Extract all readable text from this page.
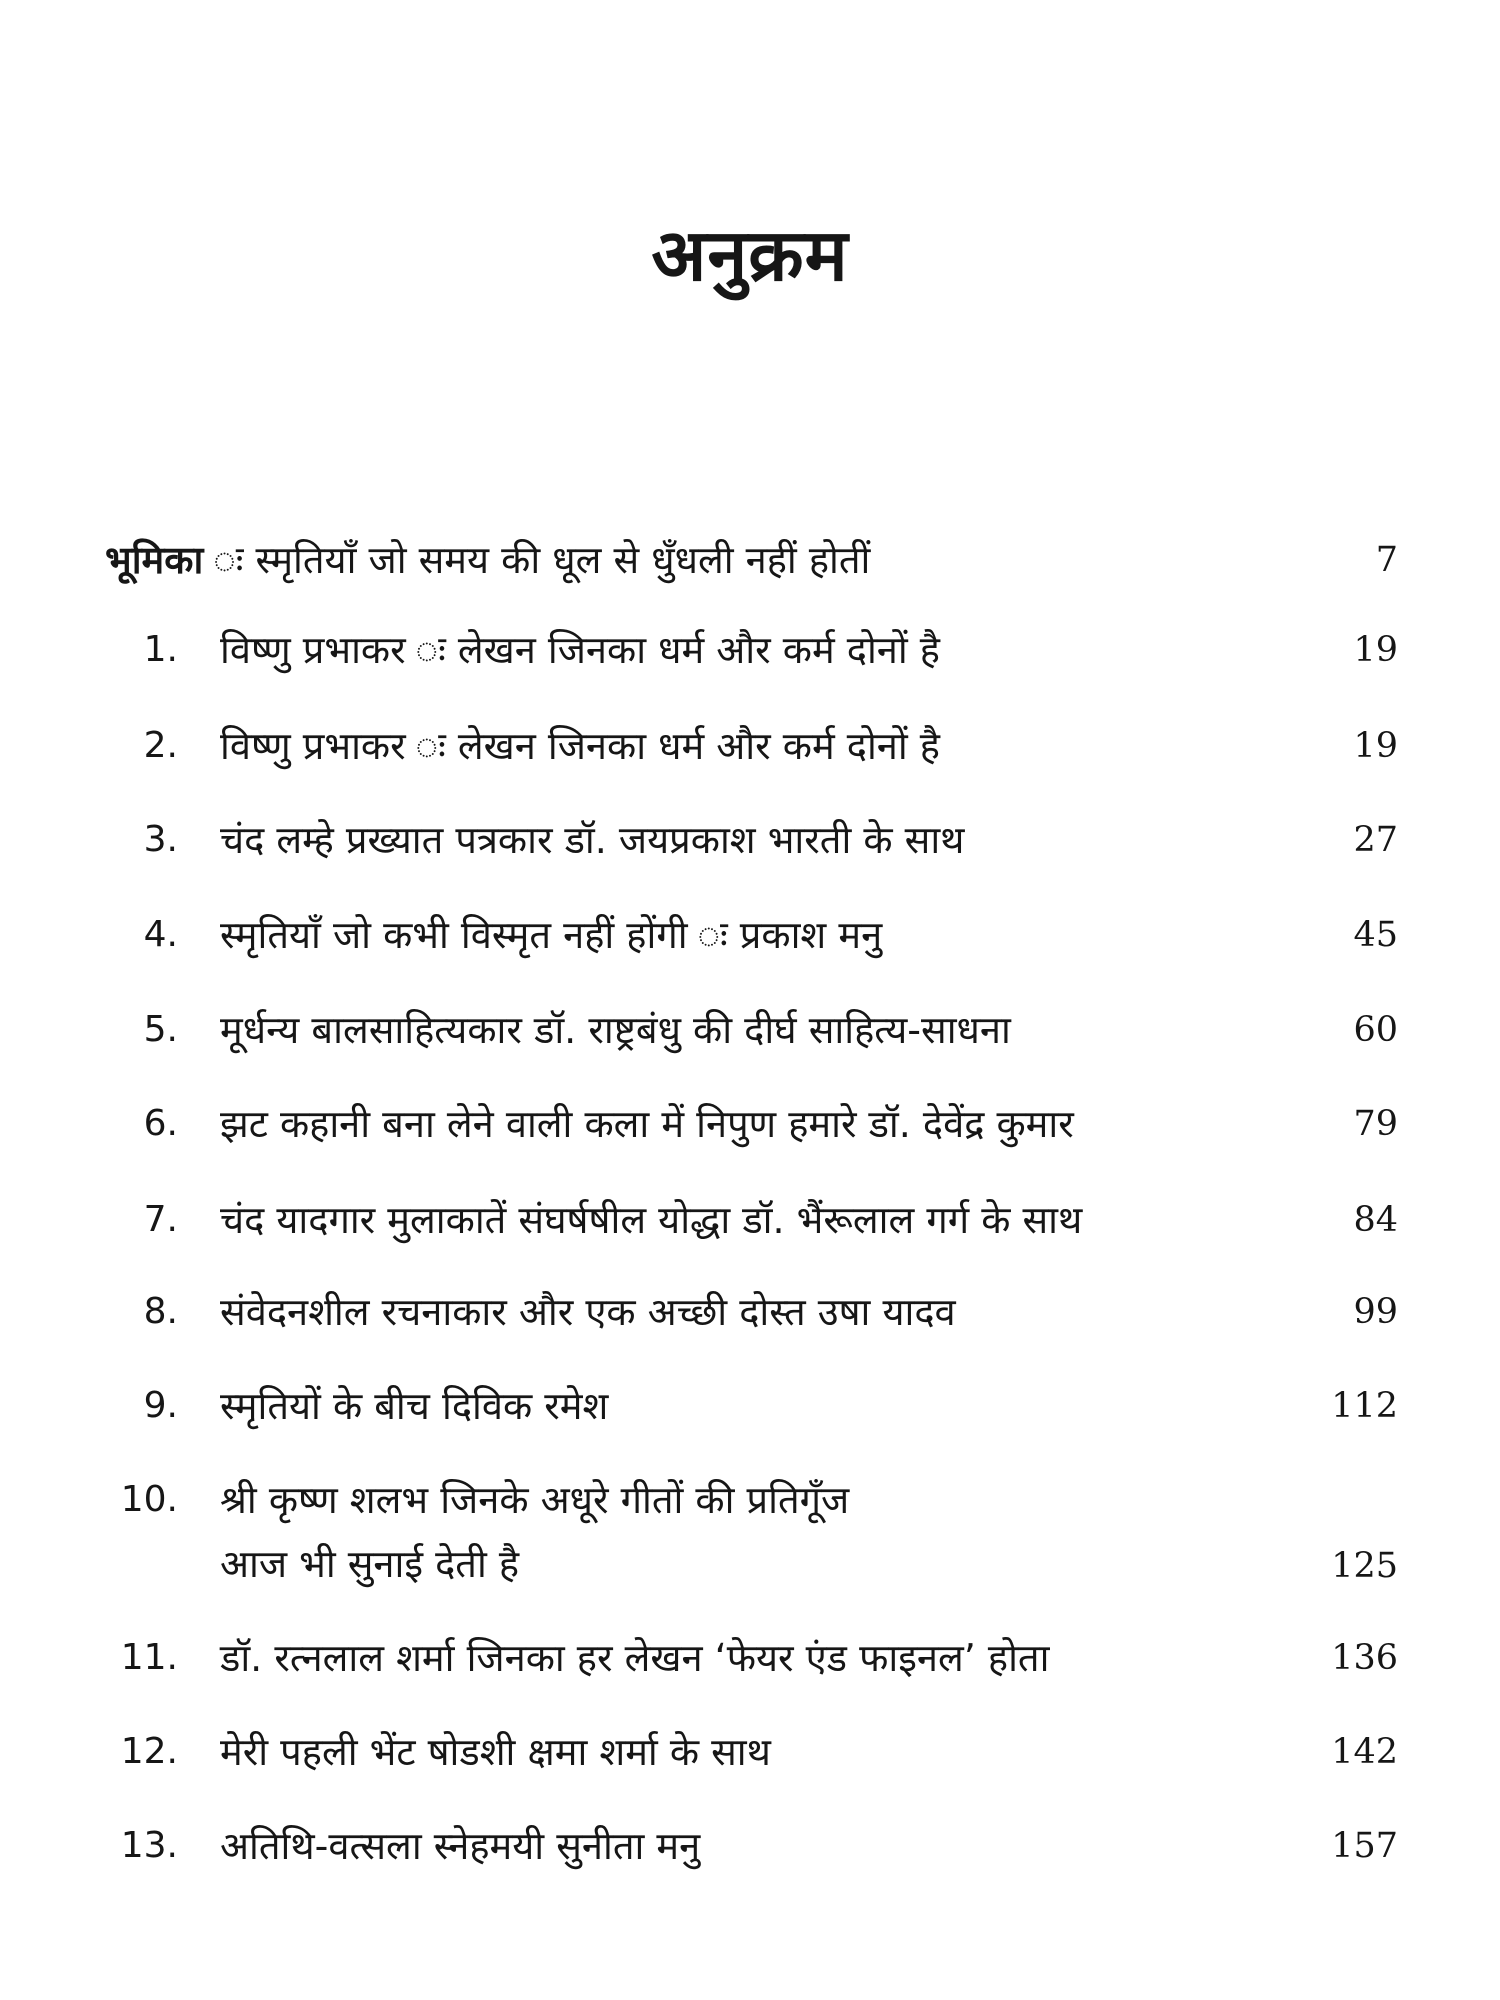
अनुक्रम
भूमिका ः स्मृतियाँ जो समय की धूल से धुँधली नहीं होतीं	7
1. विष्णु प्रभाकर ः लेखन जिनका धर्म और कर्म दोनों है	19
2. विष्णु प्रभाकर ः लेखन जिनका धर्म और कर्म दोनों है	19
3. चंद लम्हे प्रख्यात पत्रकार डॉ. जयप्रकाश भारती के साथ	27
4. स्मृतियाँ जो कभी विस्मृत नहीं होंगी ः प्रकाश मनु	45
5. मूर्धन्य बालसाहित्यकार डॉ. राष्ट्रबंधु की दीर्घ साहित्य-साधना	60
6. झट कहानी बना लेने वाली कला में निपुण हमारे डॉ. देवेंद्र कुमार	79
7. चंद यादगार मुलाकातें संघर्षषील योद्धा डॉ. भैंरूलाल गर्ग के साथ	84
8. संवेदनशील रचनाकार और एक अच्छी दोस्त उषा यादव	99
9. स्मृतियों के बीच दिविक रमेश	112
10. श्री कृष्ण शलभ जिनके अधूरे गीतों की प्रतिगूँज
आज भी सुनाई देती है	125
11. डॉ. रत्नलाल शर्मा जिनका हर लेखन ‘फेयर एंड फाइनल’ होता	136
12. मेरी पहली भेंट षोडशी क्षमा शर्मा के साथ	142
13. अतिथि-वत्सला स्नेहमयी सुनीता मनु	157
